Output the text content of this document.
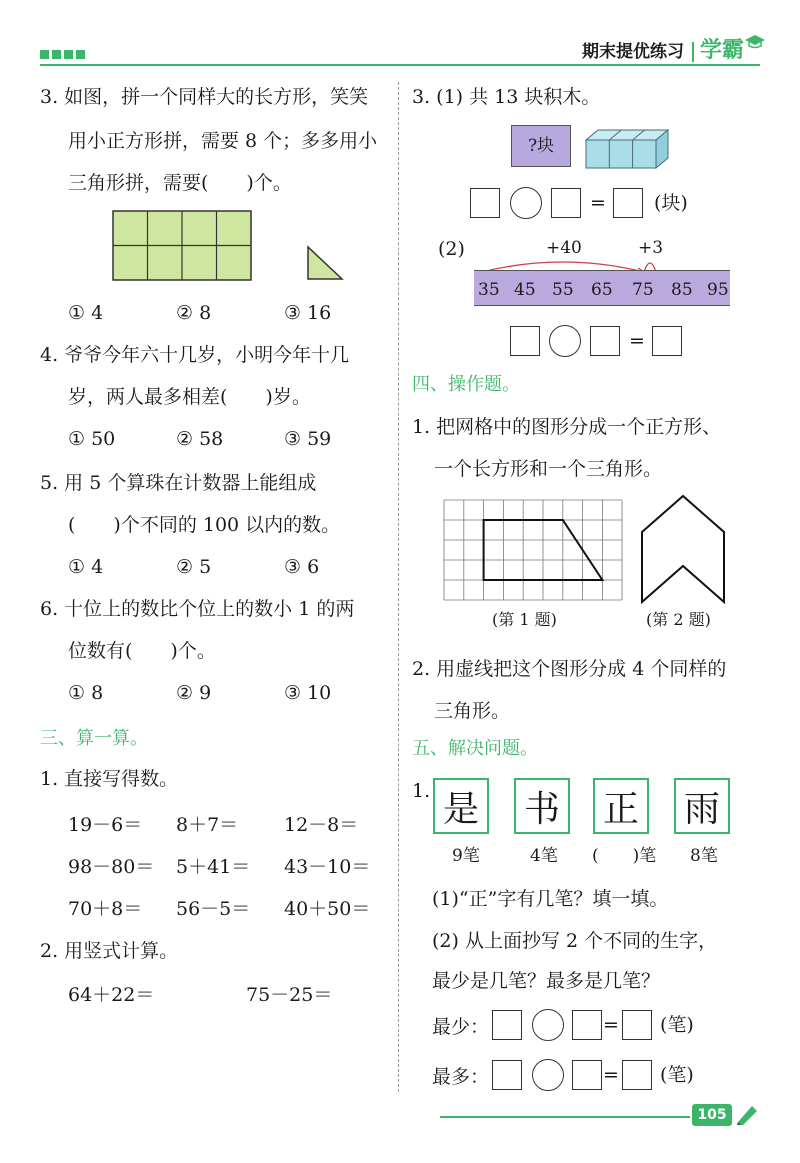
期末提优练习 学霸
3. 如图，拼一个同样大的长方形，笑笑
用小正方形拼，需要 8 个；多多用小
三角形拼，需要(　　)个。
① 4	② 8	③ 16
4. 爷爷今年六十几岁，小明今年十几
岁，两人最多相差(　　)岁。
① 50	② 58	③ 59
5. 用 5 个算珠在计数器上能组成
(　　)个不同的 100 以内的数。
① 4	② 5	③ 6
6. 十位上的数比个位上的数小 1 的两
位数有(　　)个。
① 8	② 9	③ 10
三、算一算。
1. 直接写得数。
19－6＝ 8＋7＝ 12－8＝
98－80＝ 5＋41＝ 43－10＝
70＋8＝ 56－5＝ 40＋50＝
2. 用竖式计算。
64＋22＝	75－25＝
3. (1) 共 13 块积木。
?块
=	(块)
(2)	+40	+3
35 45 55 65 75 85 95
=
四、操作题。
1. 把网格中的图形分成一个正方形、
一个长方形和一个三角形。
(第 1 题)	(第 2 题)
2. 用虚线把这个图形分成 4 个同样的
三角形。
五、解决问题。
1. 是 书 正 雨
9笔	4笔 (　　)笔 8笔
(1)“正”字有几笔？填一填。
(2) 从上面抄写 2 个不同的生字，
最少是几笔？最多是几笔？
最少：	= (笔)
最多：	= (笔)
105
